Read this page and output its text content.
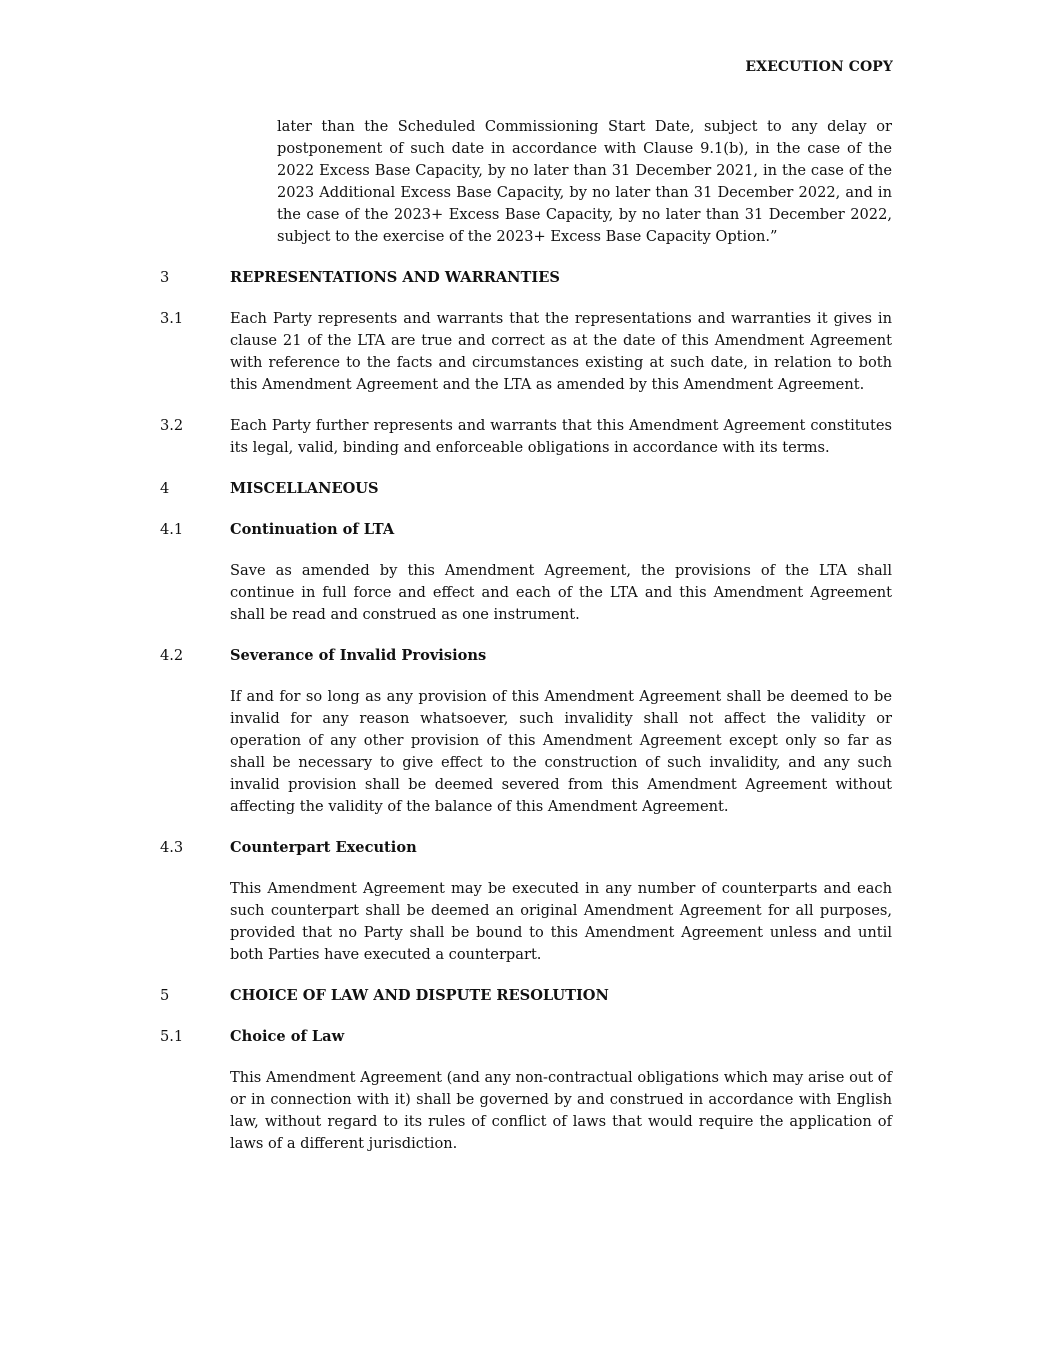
EXECUTION COPY

later than the Scheduled Commissioning Start Date, subject to any delay or postponement of such date in accordance with Clause 9.1(b), in the case of the 2022 Excess Base Capacity, by no later than 31 December 2021, in the case of the 2023 Additional Excess Base Capacity, by no later than 31 December 2022, and in the case of the 2023+ Excess Base Capacity, by no later than 31 December 2022, subject to the exercise of the 2023+ Excess Base Capacity Option.”

3	REPRESENTATIONS AND WARRANTIES
3.1	Each Party represents and warrants that the representations and warranties it gives in clause 21 of the LTA are true and correct as at the date of this Amendment Agreement with reference to the facts and circumstances existing at such date, in relation to both this Amendment Agreement and the LTA as amended by this Amendment Agreement.

3.2	Each Party further represents and warrants that this Amendment Agreement constitutes its legal, valid, binding and enforceable obligations in accordance with its terms.

4	MISCELLANEOUS
4.1	Continuation of LTA

Save as amended by this Amendment Agreement, the provisions of the LTA shall continue in full force and effect and each of the LTA and this Amendment Agreement shall be read and construed as one instrument.

4.2	Severance of Invalid Provisions

If and for so long as any provision of this Amendment Agreement shall be deemed to be invalid for any reason whatsoever, such invalidity shall not affect the validity or operation of any other provision of this Amendment Agreement except only so far as shall be necessary to give effect to the construction of such invalidity, and any such invalid provision shall be deemed severed from this Amendment Agreement without affecting the validity of the balance of this Amendment Agreement.

4.3	Counterpart Execution

This Amendment Agreement may be executed in any number of counterparts and each such counterpart shall be deemed an original Amendment Agreement for all purposes, provided that no Party shall be bound to this Amendment Agreement unless and until both Parties have executed a counterpart.

5	CHOICE OF LAW AND DISPUTE RESOLUTION
5.1	Choice of Law

This Amendment Agreement (and any non-contractual obligations which may arise out of or in connection with it) shall be governed by and construed in accordance with English law, without regard to its rules of conflict of laws that would require the application of laws of a different jurisdiction.
